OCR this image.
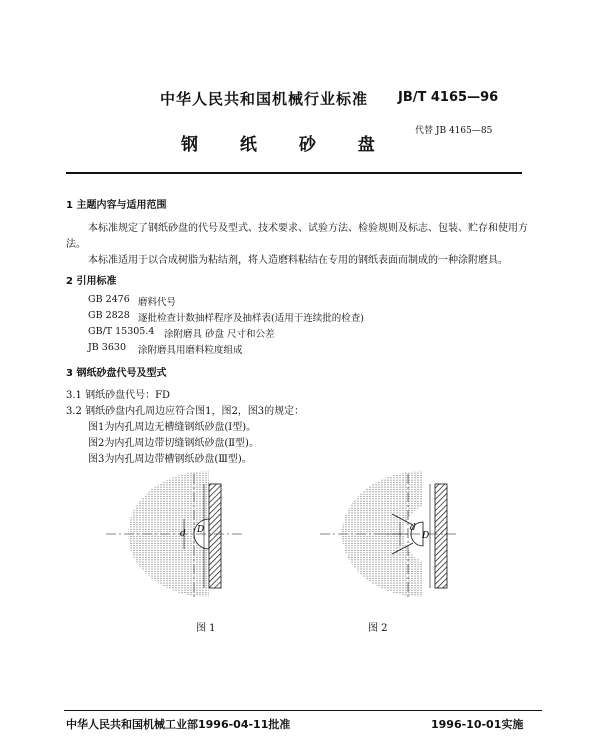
中华人民共和国机械行业标准 JB/T 4165—96
钢 纸 砂 盘
代替 JB 4165—85
1 主题内容与适用范围
本标准规定了钢纸砂盘的代号及型式、技术要求、试验方法、检验规则及标志、包装、贮存和使用方
法。
本标准适用于以合成树脂为粘结剂，将人造磨料粘结在专用的钢纸表面而制成的一种涂附磨具。
2 引用标准
GB 2476 磨料代号
GB 2828 逐批检查计数抽样程序及抽样表(适用于连续批的检查)
GB/T 15305.4 涂附磨具 砂盘 尺寸和公差
JB 3630 涂附磨具用磨料粒度组成
3 钢纸砂盘代号及型式
3.1 钢纸砂盘代号：FD
3.2 钢纸砂盘内孔周边应符合图1，图2，图3的规定：
图1为内孔周边无槽缝钢纸砂盘(Ⅰ型)。
图2为内孔周边带切缝钢纸砂盘(Ⅱ型)。
图3为内孔周边带槽钢纸砂盘(Ⅲ型)。
d D
图 1
d
D
图 2
中华人民共和国机械工业部1996-04-11批准	1996-10-01实施
